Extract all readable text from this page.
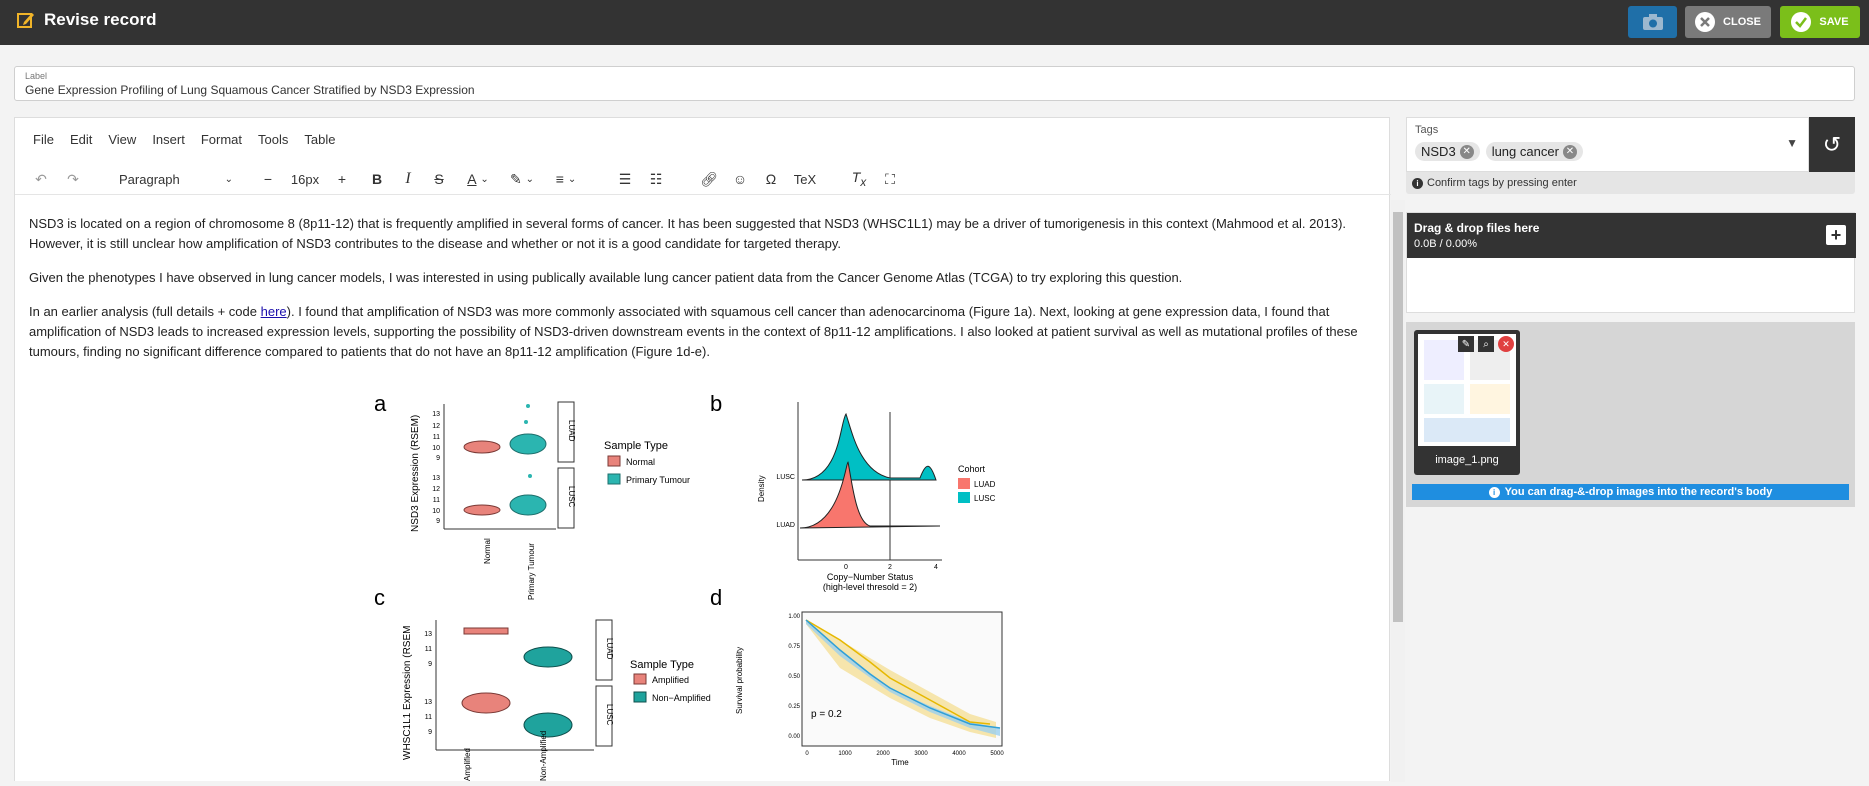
Revise record	CLOSE	SAVE
Label
Gene Expression Profiling of Lung Squamous Cancer Stratified by NSD3 Expression
File Edit View Insert Format Tools Table
↶	↷	Paragraph	⌄	−	16px	+	B	I	S	A
⌄ ✎
⌄ ≡
⌄	☰ ☷	🔗︎ ☺ Ω TeX	$T_x$ ⛶

NSD3 is located on a region of chromosome 8 (8p11-12) that is frequently amplified in several forms of cancer. It has been suggested that NSD3 (WHSC1L1) may be a driver of tumorigenesis in this context (Mahmood et al. 2013). However, it is still unclear how amplification of NSD3 contributes to the disease and whether or not it is a good candidate for targeted therapy.

Given the phenotypes I have observed in lung cancer models, I was interested in using publically available lung cancer patient data from the Cancer Genome Atlas (TCGA) to try exploring this question.

In an earlier analysis (full details + code here). I found that amplification of NSD3 was more commonly associated with squamous cell cancer than adenocarcinoma (Figure 1a). Next, looking at gene expression data, I found that amplification of NSD3 leads to increased expression levels, supporting the possibility of NSD3-driven downstream events in the context of 8p11-12 amplifications. I also looked at patient survival as well as mutational profiles of these tumours, finding no significant difference compared to patients that do not have an 8p11-12 amplification (Figure 1d-e).

a
NSD3 Expression (RSEM)	LUAD
LUSC
13
12
11
10
9
13
12
11
10
9
Normal	Primary Tumour
Sample Type
Normal
Primary Tumour
b
Density LUSC
LUAD
0	2	4
Copy−Number Status
(high-level thresold = 2)
Cohort
LUAD
LUSC
c
WHSC1L1 Expression (RSEM	LUAD
LUSC
13
11
9
13
11
9
Amplified	Non-Amplified
Sample Type
Amplified
Non−Amplified
d
Survival probability
1.00
0.75
0.50
0.25
0.00
0	1000	2000	3000	4000	5000
Time
p = 0.2
Tags
NSD3 ✕ lung cancer ✕
▼ ↺
i Confirm tags by pressing enter
Drag & drop files here
0.0B / 0.00%	+
✎	⌕	✕
image_1.png
i You can drag-&-drop images into the record's body
